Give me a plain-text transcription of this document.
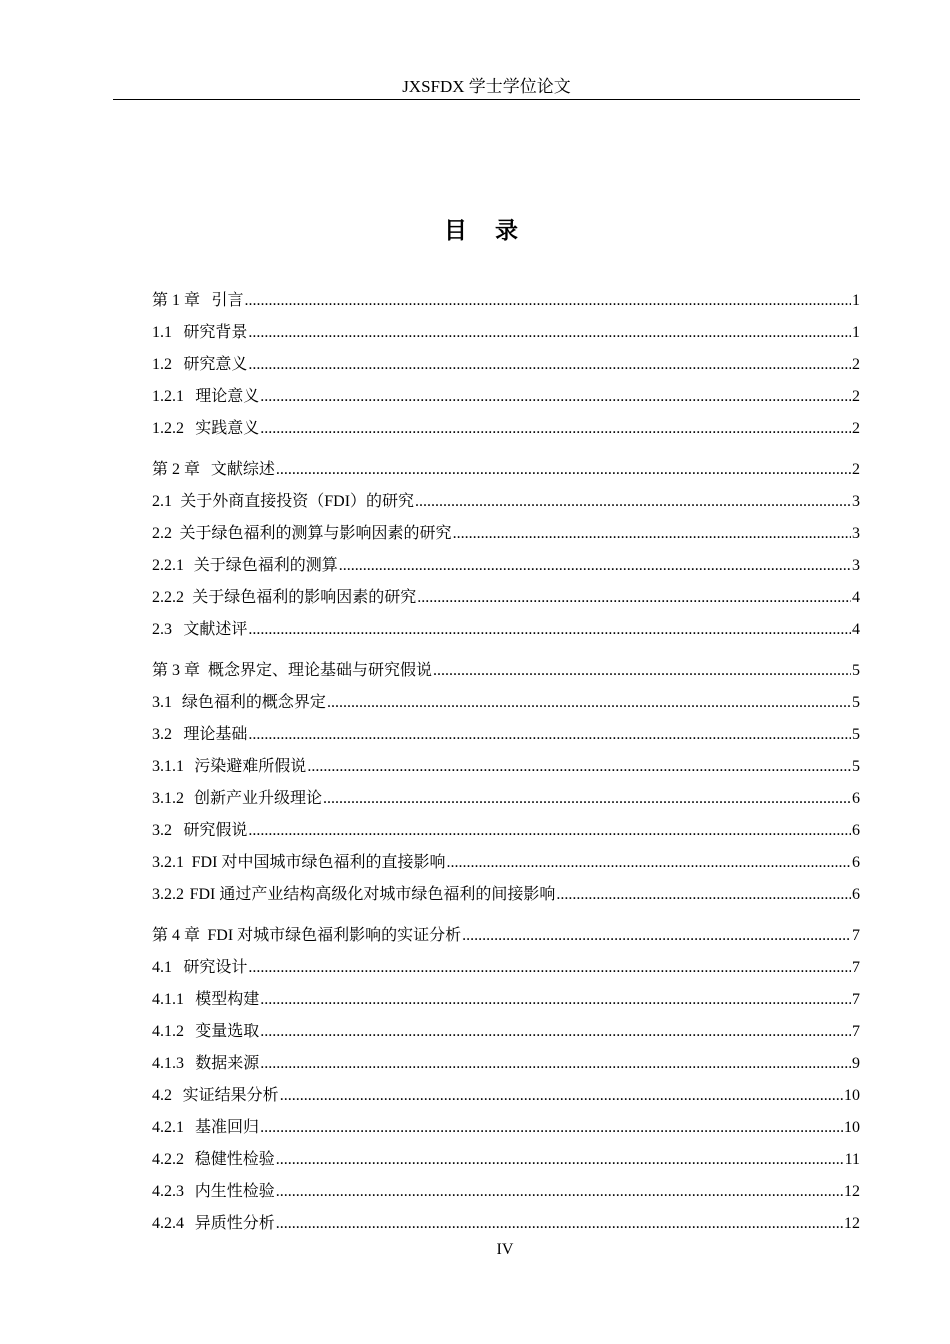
JXSFDX 学士学位论文
目录
第 1 章 引言 .....	1
1.1 研究背景 .....	1
1.2 研究意义 .....	2
1.2.1 理论意义 .....	2
1.2.2 实践意义 .....	2
第 2 章 文献综述 .....	2
2.1 关于外商直接投资（FDI）的研究 .....	3
2.2 关于绿色福利的测算与影响因素的研究 .....	3
2.2.1 关于绿色福利的测算 .....	3
2.2.2 关于绿色福利的影响因素的研究 .....	4
2.3 文献述评 .....	4
第 3 章 概念界定、理论基础与研究假说 .....	5
3.1 绿色福利的概念界定 .....	5
3.2 理论基础 .....	5
3.1.1 污染避难所假说 .....	5
3.1.2 创新产业升级理论 .....	6
3.2 研究假说 .....	6
3.2.1 FDI 对中国城市绿色福利的直接影响 .....	6
3.2.2 FDI 通过产业结构高级化对城市绿色福利的间接影响 .....	6
第 4 章 FDI 对城市绿色福利影响的实证分析 .....	7
4.1 研究设计 .....	7
4.1.1 模型构建 .....	7
4.1.2 变量选取 .....	7
4.1.3 数据来源 .....	9
4.2 实证结果分析 .....	10
4.2.1 基准回归 .....	10
4.2.2 稳健性检验 .....	11
4.2.3 内生性检验 .....	12
4.2.4 异质性分析 .....	12
IV
